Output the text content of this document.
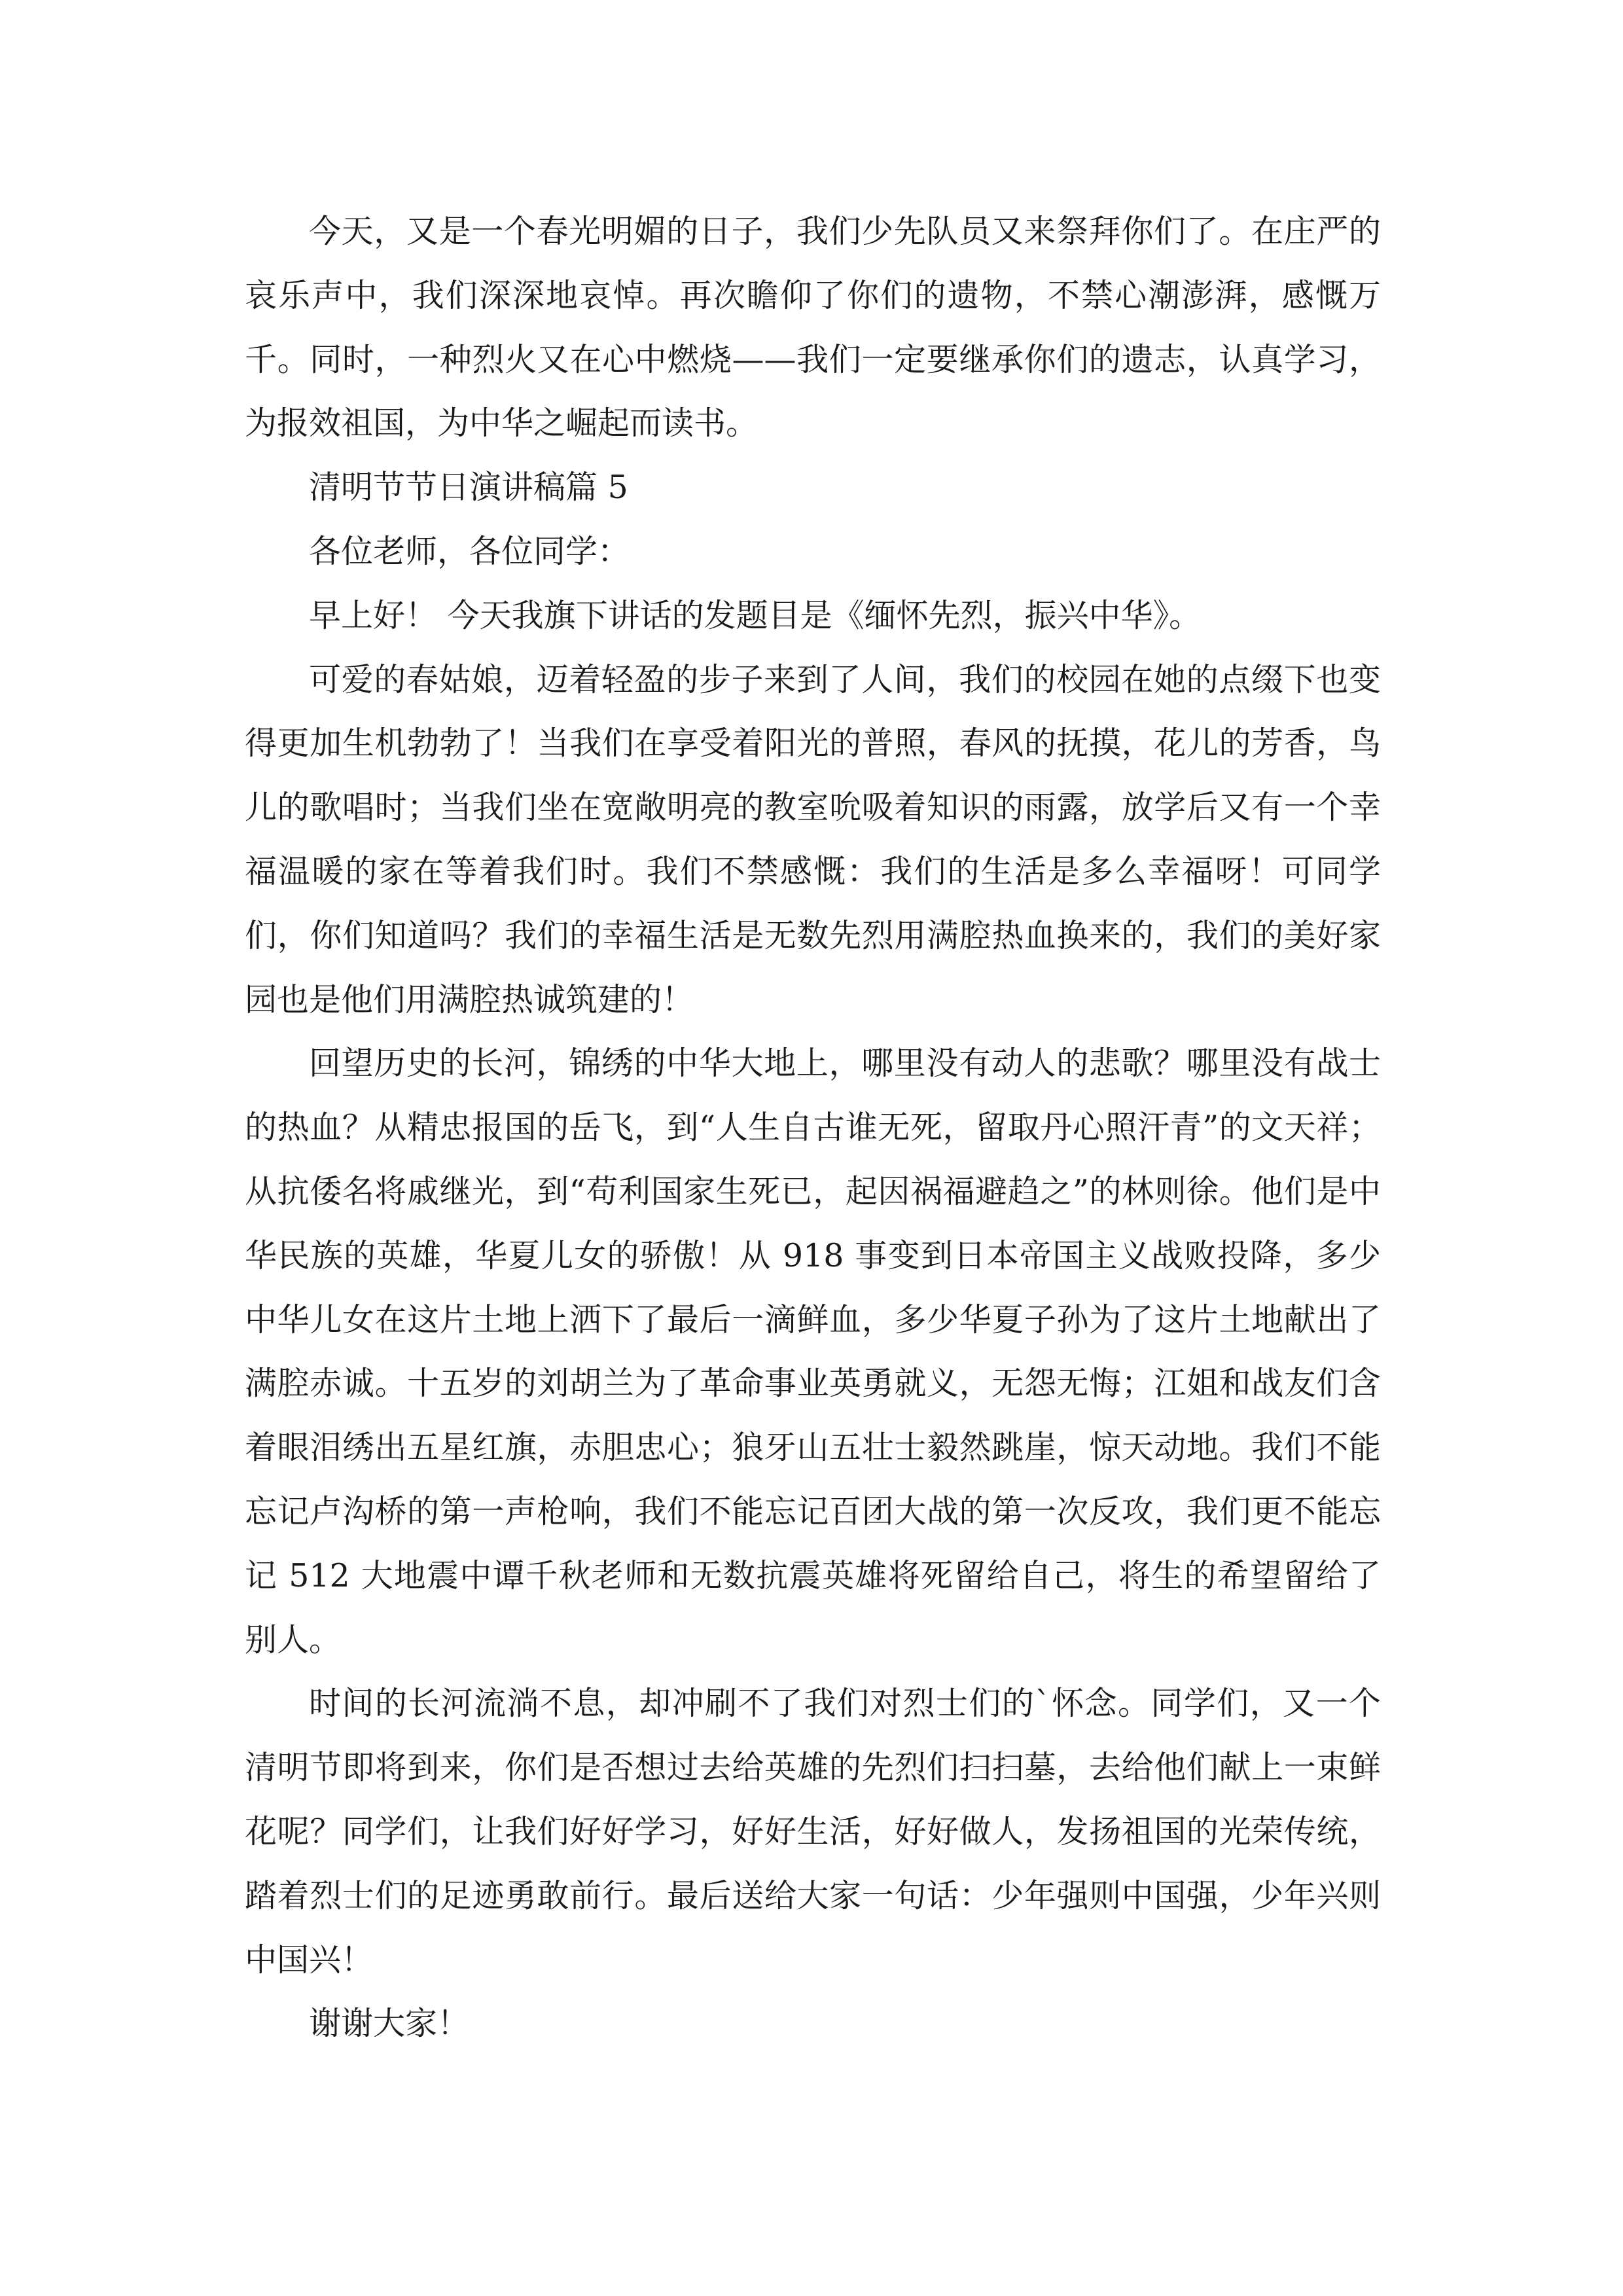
今天，又是一个春光明媚的日子，我们少先队员又来祭拜你们了。在庄严的哀乐声中，我们深深地哀悼。再次瞻仰了你们的遗物，不禁心潮澎湃，感慨万千。同时，一种烈火又在心中燃烧——我们一定要继承你们的遗志，认真学习，为报效祖国，为中华之崛起而读书。

清明节节日演讲稿篇 5

各位老师，各位同学：

早上好！ 今天我旗下讲话的发题目是《缅怀先烈，振兴中华》。

可爱的春姑娘，迈着轻盈的步子来到了人间，我们的校园在她的点缀下也变得更加生机勃勃了！当我们在享受着阳光的普照，春风的抚摸，花儿的芳香，鸟儿的歌唱时；当我们坐在宽敞明亮的教室吮吸着知识的雨露，放学后又有一个幸福温暖的家在等着我们时。我们不禁感慨：我们的生活是多么幸福呀！可同学们，你们知道吗？我们的幸福生活是无数先烈用满腔热血换来的，我们的美好家园也是他们用满腔热诚筑建的！

回望历史的长河，锦绣的中华大地上，哪里没有动人的悲歌？哪里没有战士的热血？从精忠报国的岳飞，到“人生自古谁无死，留取丹心照汗青”的文天祥；从抗倭名将戚继光，到“苟利国家生死已，起因祸福避趋之”的林则徐。他们是中华民族的英雄，华夏儿女的骄傲！从 918 事变到日本帝国主义战败投降，多少中华儿女在这片土地上洒下了最后一滴鲜血，多少华夏子孙为了这片土地献出了满腔赤诚。十五岁的刘胡兰为了革命事业英勇就义，无怨无悔；江姐和战友们含着眼泪绣出五星红旗，赤胆忠心；狼牙山五壮士毅然跳崖，惊天动地。我们不能忘记卢沟桥的第一声枪响，我们不能忘记百团大战的第一次反攻，我们更不能忘记 512 大地震中谭千秋老师和无数抗震英雄将死留给自己，将生的希望留给了别人。

时间的长河流淌不息，却冲刷不了我们对烈士们的`怀念。同学们，又一个清明节即将到来，你们是否想过去给英雄的先烈们扫扫墓，去给他们献上一束鲜花呢？同学们，让我们好好学习，好好生活，好好做人，发扬祖国的光荣传统，踏着烈士们的足迹勇敢前行。最后送给大家一句话：少年强则中国强，少年兴则中国兴！

谢谢大家！
